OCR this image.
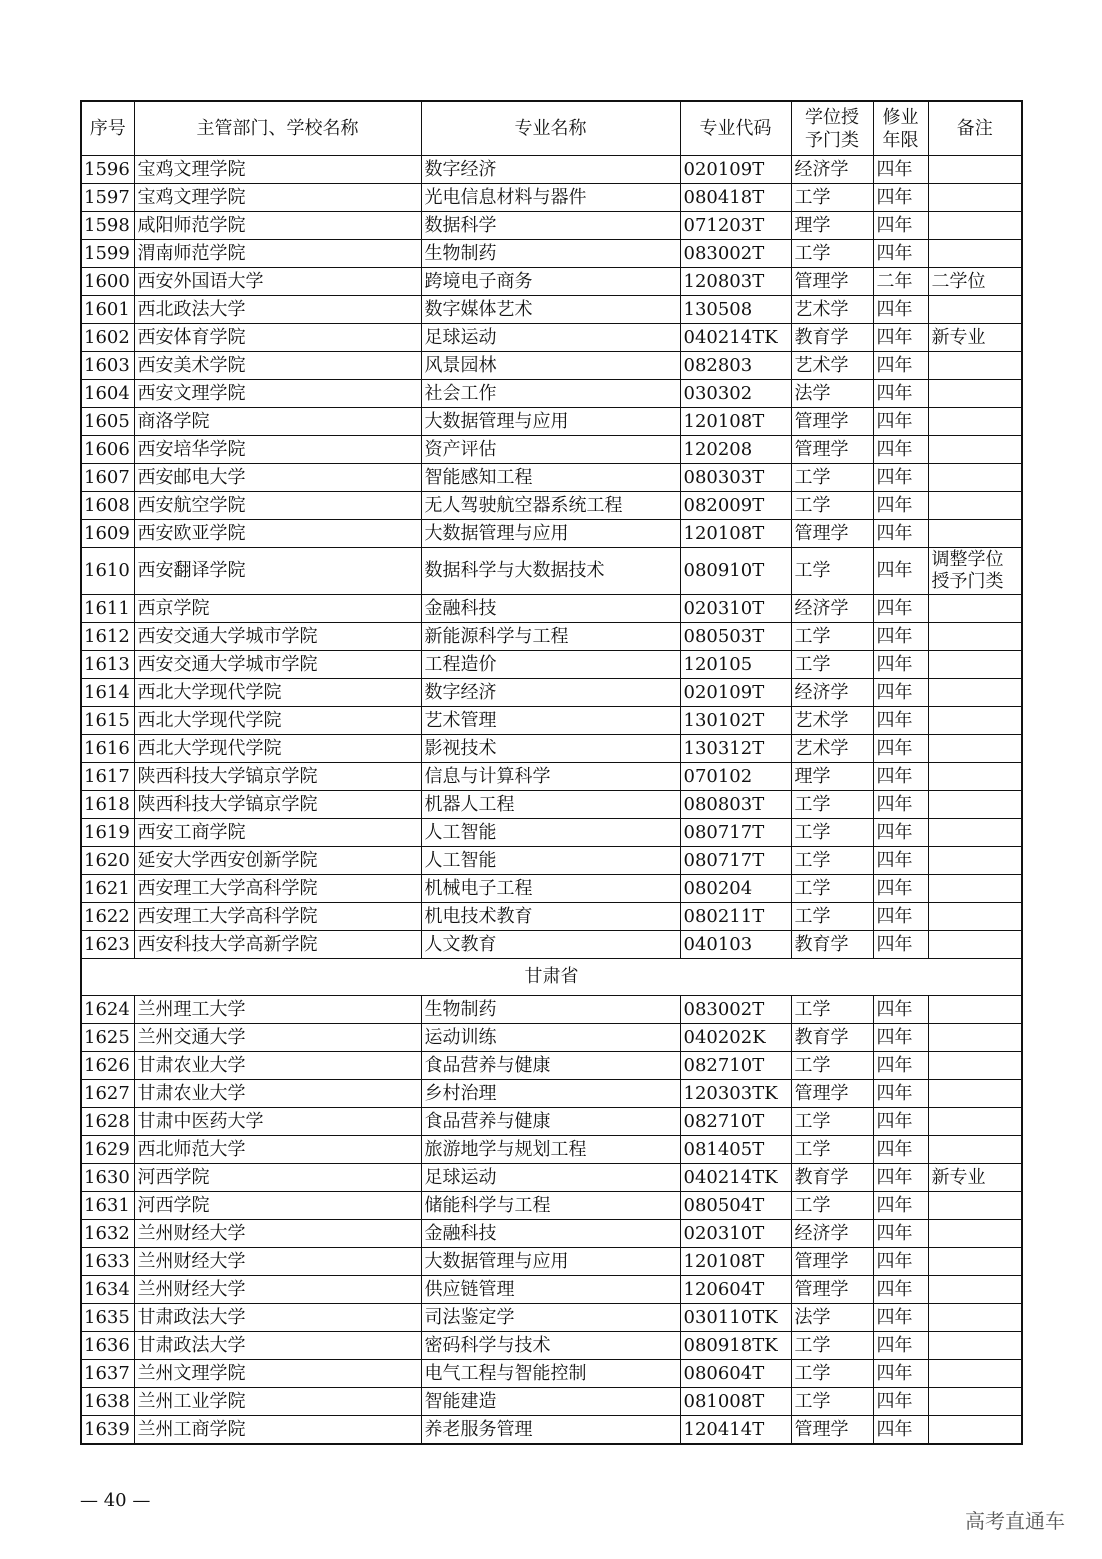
序号	主管部门、学校名称	专业名称	专业代码	学位授予门类	修业年限	备注
1596	宝鸡文理学院	数字经济	020109T	经济学	四年	
1597	宝鸡文理学院	光电信息材料与器件	080418T	工学	四年	
1598	咸阳师范学院	数据科学	071203T	理学	四年	
1599	渭南师范学院	生物制药	083002T	工学	四年	
1600	西安外国语大学	跨境电子商务	120803T	管理学	二年	二学位
1601	西北政法大学	数字媒体艺术	130508	艺术学	四年	
1602	西安体育学院	足球运动	040214TK	教育学	四年	新专业
1603	西安美术学院	风景园林	082803	艺术学	四年	
1604	西安文理学院	社会工作	030302	法学	四年	
1605	商洛学院	大数据管理与应用	120108T	管理学	四年	
1606	西安培华学院	资产评估	120208	管理学	四年	
1607	西安邮电大学	智能感知工程	080303T	工学	四年	
1608	西安航空学院	无人驾驶航空器系统工程	082009T	工学	四年	
1609	西安欧亚学院	大数据管理与应用	120108T	管理学	四年	
1610	西安翻译学院	数据科学与大数据技术	080910T	工学	四年	调整学位授予门类
1611	西京学院	金融科技	020310T	经济学	四年	
1612	西安交通大学城市学院	新能源科学与工程	080503T	工学	四年	
1613	西安交通大学城市学院	工程造价	120105	工学	四年	
1614	西北大学现代学院	数字经济	020109T	经济学	四年	
1615	西北大学现代学院	艺术管理	130102T	艺术学	四年	
1616	西北大学现代学院	影视技术	130312T	艺术学	四年	
1617	陕西科技大学镐京学院	信息与计算科学	070102	理学	四年	
1618	陕西科技大学镐京学院	机器人工程	080803T	工学	四年	
1619	西安工商学院	人工智能	080717T	工学	四年	
1620	延安大学西安创新学院	人工智能	080717T	工学	四年	
1621	西安理工大学高科学院	机械电子工程	080204	工学	四年	
1622	西安理工大学高科学院	机电技术教育	080211T	工学	四年	
1623	西安科技大学高新学院	人文教育	040103	教育学	四年	
甘肃省						
1624	兰州理工大学	生物制药	083002T	工学	四年	
1625	兰州交通大学	运动训练	040202K	教育学	四年	
1626	甘肃农业大学	食品营养与健康	082710T	工学	四年	
1627	甘肃农业大学	乡村治理	120303TK	管理学	四年	
1628	甘肃中医药大学	食品营养与健康	082710T	工学	四年	
1629	西北师范大学	旅游地学与规划工程	081405T	工学	四年	
1630	河西学院	足球运动	040214TK	教育学	四年	新专业
1631	河西学院	储能科学与工程	080504T	工学	四年	
1632	兰州财经大学	金融科技	020310T	经济学	四年	
1633	兰州财经大学	大数据管理与应用	120108T	管理学	四年	
1634	兰州财经大学	供应链管理	120604T	管理学	四年	
1635	甘肃政法大学	司法鉴定学	030110TK	法学	四年	
1636	甘肃政法大学	密码科学与技术	080918TK	工学	四年	
1637	兰州文理学院	电气工程与智能控制	080604T	工学	四年	
1638	兰州工业学院	智能建造	081008T	工学	四年	
1639	兰州工商学院	养老服务管理	120414T	管理学	四年	
— 40 —
高考直通车
